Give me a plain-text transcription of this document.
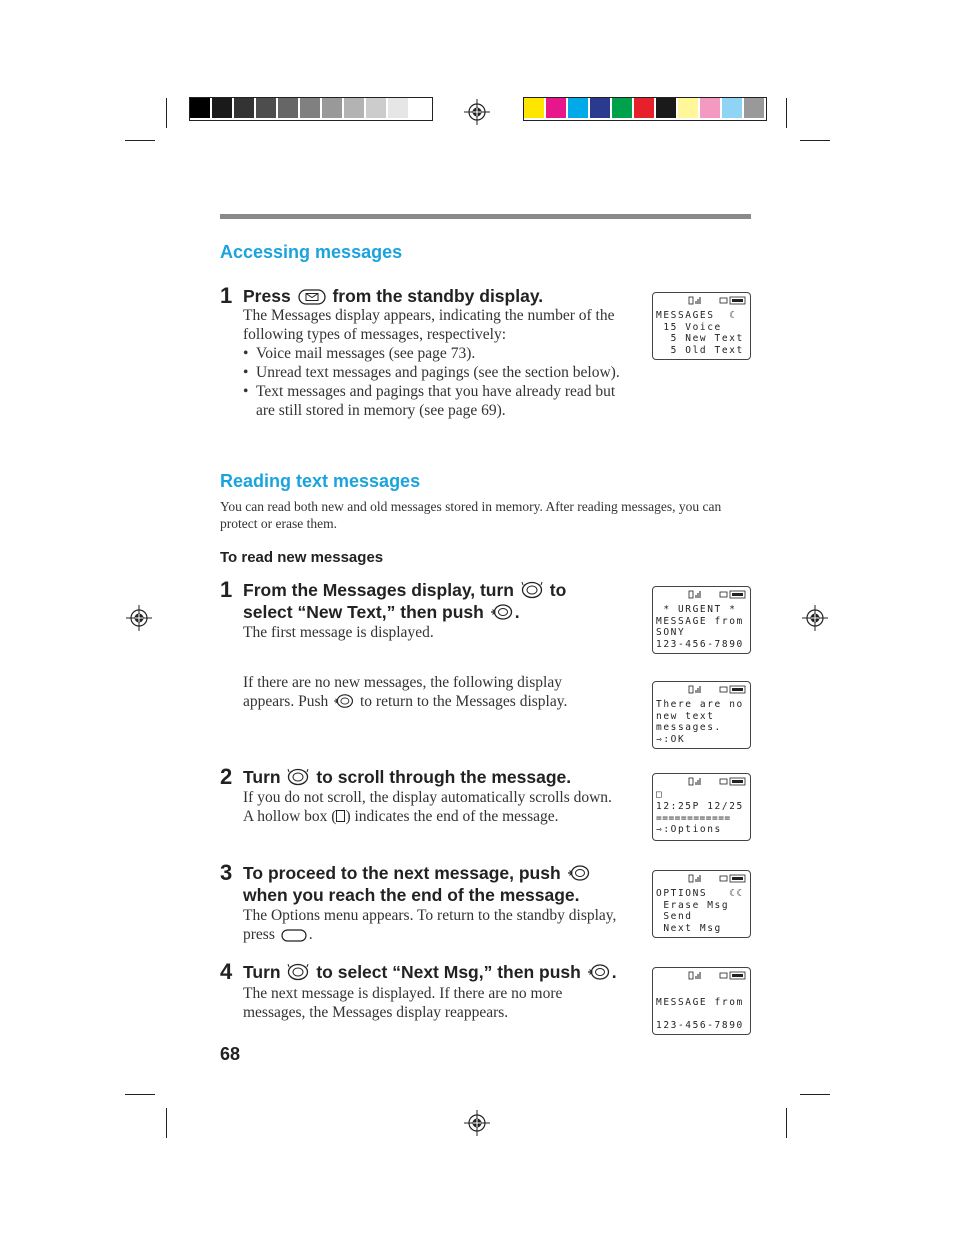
Accessing messages
1 Press from the standby display.
The Messages display appears, indicating the number of the following types of messages, respectively:
• Voice mail messages (see page 73).
• Unread text messages and pagings (see the section below).
• Text messages and pagings that you have already read but are still stored in memory (see page 69).
MESSAGES  ☾
15 Voice
5 New Text
5 Old Text
Reading text messages
You can read both new and old messages stored in memory. After reading messages, you can protect or erase them.
To read new messages
1 From the Messages display, turn to
select “New Text,” then push .
The first message is displayed.
If there are no new messages, the following display appears. Push to return to the Messages display.
* URGENT *
MESSAGE from
SONY
123-456-7890
There are no
new text
messages.
⇾:OK
2 Turn to scroll through the message.
If you do not scroll, the display automatically scrolls down. A hollow box ( ) indicates the end of the message.
□
12:25P 12/25
============
⇾:Options
3 To proceed to the next message, push
when you reach the end of the message.
The Options menu appears. To return to the standby display, press .
OPTIONS   ☾☾
Erase Msg
Send
Next Msg
4 Turn to select “Next Msg,” then push .
The next message is displayed. If there are no more messages, the Messages display reappears.
MESSAGE from
123-456-7890
68
